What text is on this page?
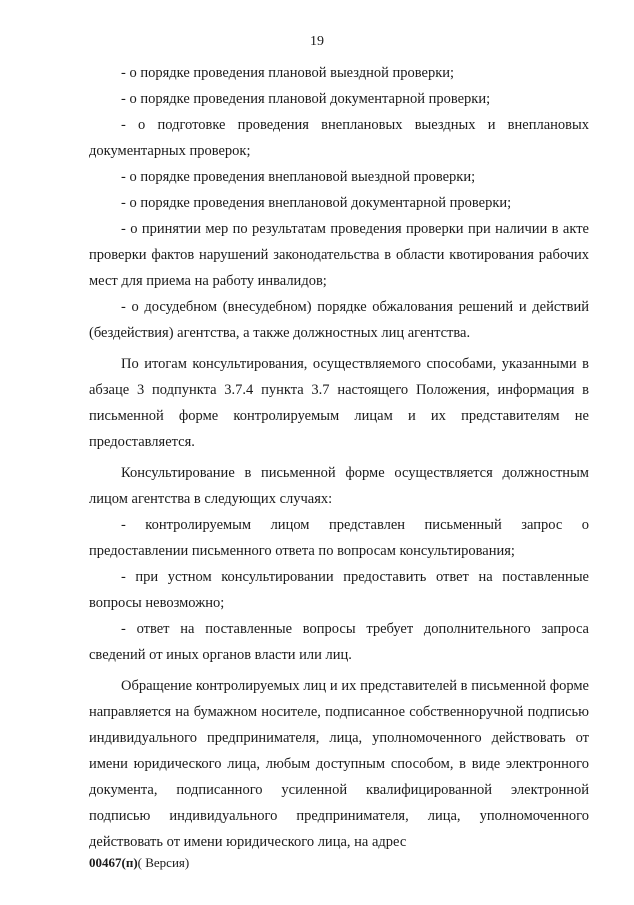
19

- о порядке проведения плановой выездной проверки;

- о порядке проведения плановой документарной проверки;

- о подготовке проведения внеплановых выездных и внеплановых документарных проверок;

- о порядке проведения внеплановой выездной проверки;

- о порядке проведения внеплановой документарной проверки;

- о принятии мер по результатам проведения проверки при наличии в акте проверки фактов нарушений законодательства в области квотирования рабочих мест для приема на работу инвалидов;

- о досудебном (внесудебном) порядке обжалования решений и действий (бездействия) агентства, а также должностных лиц агентства.

По итогам консультирования, осуществляемого способами, указанными в абзаце 3 подпункта 3.7.4 пункта 3.7 настоящего Положения, информация в письменной форме контролируемым лицам и их представителям не предоставляется.

Консультирование в письменной форме осуществляется должностным лицом агентства в следующих случаях:

- контролируемым лицом представлен письменный запрос о предоставлении письменного ответа по вопросам консультирования;

- при устном консультировании предоставить ответ на поставленные вопросы невозможно;

- ответ на поставленные вопросы требует дополнительного запроса сведений от иных органов власти или лиц.

Обращение контролируемых лиц и их представителей в письменной форме направляется на бумажном носителе, подписанное собственноручной подписью индивидуального предпринимателя, лица, уполномоченного действовать от имени юридического лица, любым доступным способом, в виде электронного документа, подписанного усиленной квалифицированной электронной подписью индивидуального предпринимателя, лица, уполномоченного действовать от имени юридического лица, на адрес

00467(п)( Версия)
